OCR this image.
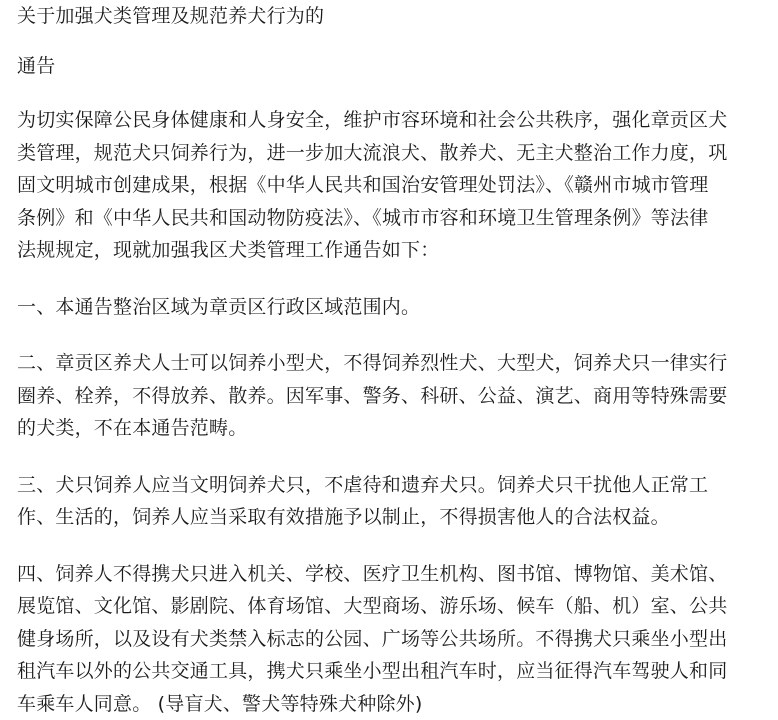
关于加强犬类管理及规范养犬行为的

通告

为切实保障公民身体健康和人身安全，维护市容环境和社会公共秩序，强化章贡区犬

类管理，规范犬只饲养行为，进一步加大流浪犬、散养犬、无主犬整治工作力度，巩

固文明城市创建成果，根据《中华人民共和国治安管理处罚法》、《赣州市城市管理

条例》和《中华人民共和国动物防疫法》、《城市市容和环境卫生管理条例》等法律

法规规定，现就加强我区犬类管理工作通告如下：

一、本通告整治区域为章贡区行政区域范围内。

二、章贡区养犬人士可以饲养小型犬，不得饲养烈性犬、大型犬，饲养犬只一律实行

圈养、栓养，不得放养、散养。因军事、警务、科研、公益、演艺、商用等特殊需要

的犬类，不在本通告范畴。

三、犬只饲养人应当文明饲养犬只，不虐待和遗弃犬只。饲养犬只干扰他人正常工

作、生活的，饲养人应当采取有效措施予以制止，不得损害他人的合法权益。

四、饲养人不得携犬只进入机关、学校、医疗卫生机构、图书馆、博物馆、美术馆、

展览馆、文化馆、影剧院、体育场馆、大型商场、游乐场、候车（船、机）室、公共

健身场所，以及设有犬类禁入标志的公园、广场等公共场所。不得携犬只乘坐小型出

租汽车以外的公共交通工具，携犬只乘坐小型出租汽车时，应当征得汽车驾驶人和同

车乘车人同意。 (导盲犬、警犬等特殊犬种除外)
